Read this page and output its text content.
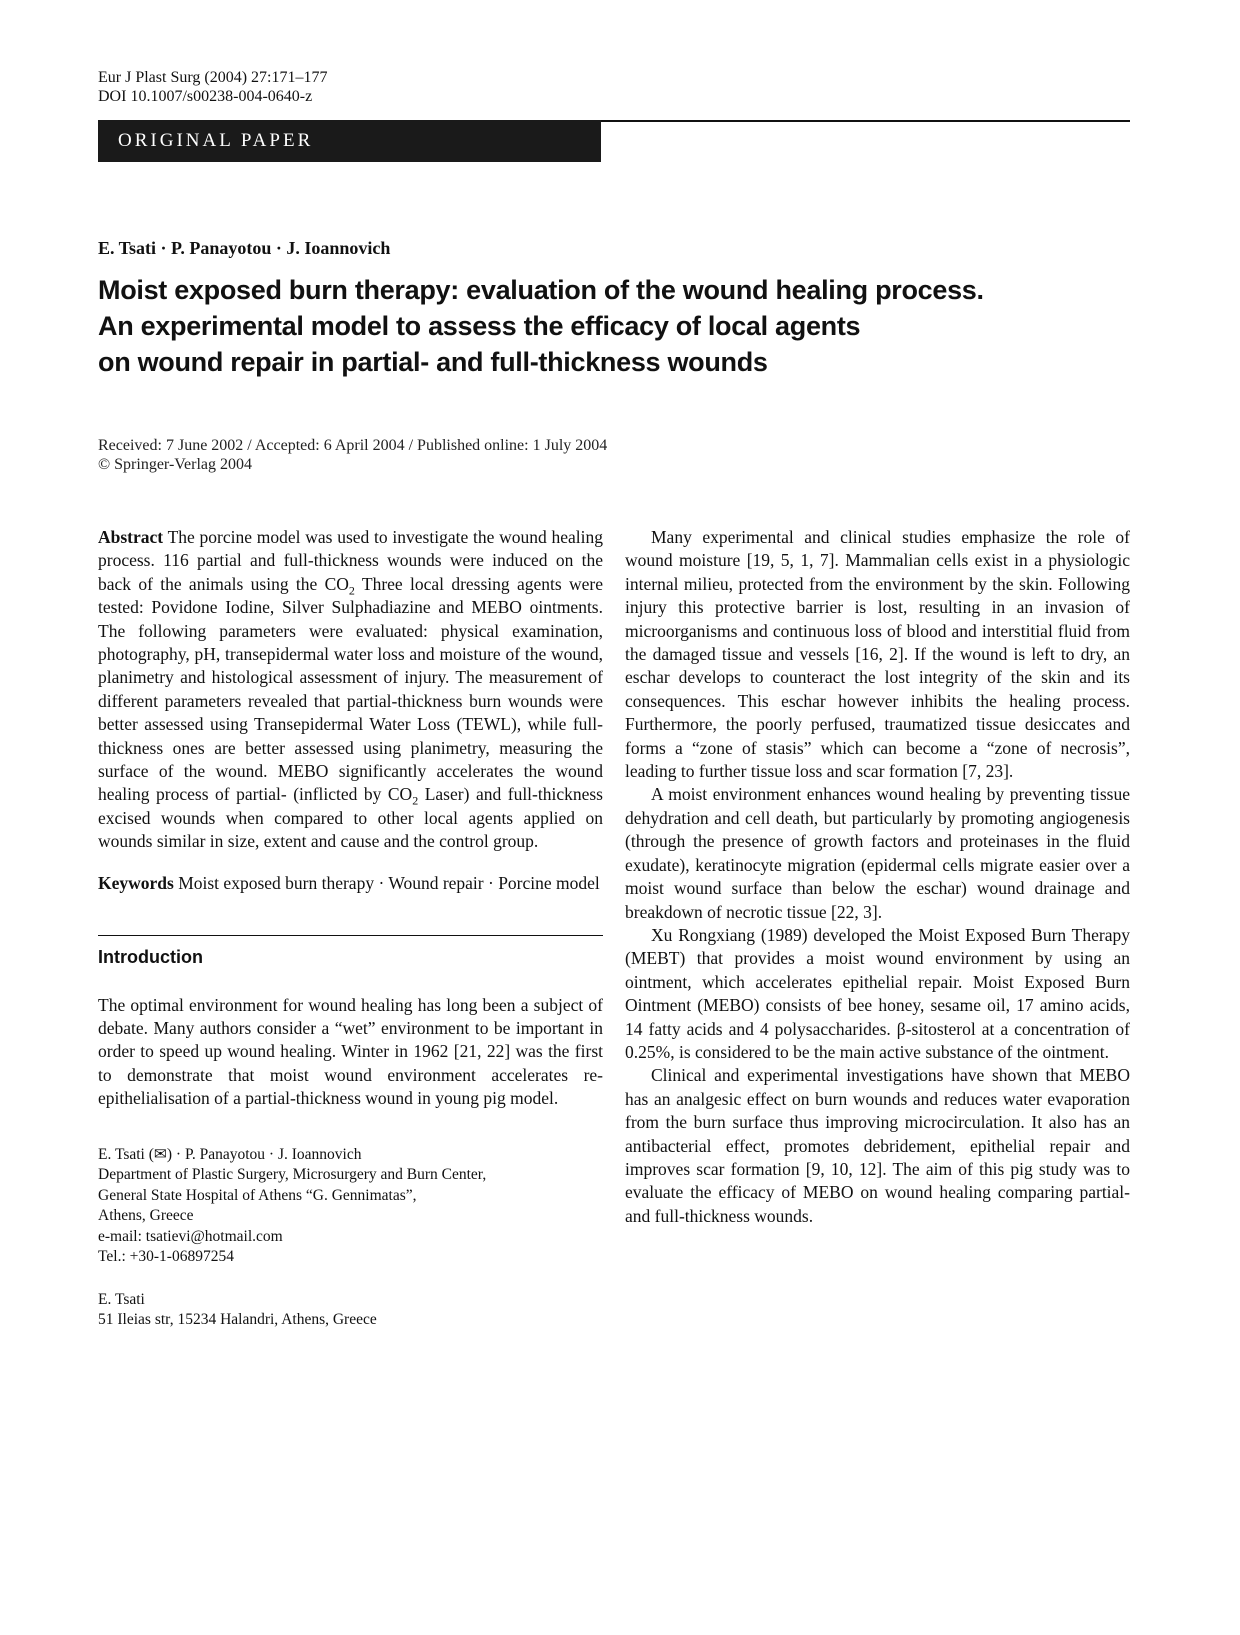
Eur J Plast Surg (2004) 27:171–177
DOI 10.1007/s00238-004-0640-z
ORIGINAL PAPER
E. Tsati · P. Panayotou · J. Ioannovich
Moist exposed burn therapy: evaluation of the wound healing process.
An experimental model to assess the efficacy of local agents
on wound repair in partial- and full-thickness wounds
Received: 7 June 2002 / Accepted: 6 April 2004 / Published online: 1 July 2004
© Springer-Verlag 2004

Abstract The porcine model was used to investigate the wound healing process. 116 partial and full-thickness wounds were induced on the back of the animals using the $CO_2$ Three local dressing agents were tested: Povidone Iodine, Silver Sulphadiazine and MEBO ointments. The following parameters were evaluated: physical examination, photography, pH, transepidermal water loss and moisture of the wound, planimetry and histological assessment of injury. The measurement of different parameters revealed that partial-thickness burn wounds were better assessed using Transepidermal Water Loss (TEWL), while full-thickness ones are better assessed using planimetry, measuring the surface of the wound. MEBO significantly accelerates the wound healing process of partial- (inflicted by $CO_2$ Laser) and full-thickness excised wounds when compared to other local agents applied on wounds similar in size, extent and cause and the control group.

Keywords Moist exposed burn therapy · Wound repair · Porcine model

Introduction

The optimal environment for wound healing has long been a subject of debate. Many authors consider a “wet” environment to be important in order to speed up wound healing. Winter in 1962 [21, 22] was the first to demonstrate that moist wound environment accelerates re-epithelialisation of a partial-thickness wound in young pig model.

E. Tsati (✉) · P. Panayotou · J. Ioannovich
Department of Plastic Surgery, Microsurgery and Burn Center,
General State Hospital of Athens “G. Gennimatas”,
Athens, Greece
e-mail: tsatievi@hotmail.com
Tel.: +30-1-06897254
E. Tsati
51 Ileias str, 15234 Halandri, Athens, Greece

Many experimental and clinical studies emphasize the role of wound moisture [19, 5, 1, 7]. Mammalian cells exist in a physiologic internal milieu, protected from the environment by the skin. Following injury this protective barrier is lost, resulting in an invasion of microorganisms and continuous loss of blood and interstitial fluid from the damaged tissue and vessels [16, 2]. If the wound is left to dry, an eschar develops to counteract the lost integrity of the skin and its consequences. This eschar however inhibits the healing process. Furthermore, the poorly perfused, traumatized tissue desiccates and forms a “zone of stasis” which can become a “zone of necrosis”, leading to further tissue loss and scar formation [7, 23].

A moist environment enhances wound healing by preventing tissue dehydration and cell death, but particularly by promoting angiogenesis (through the presence of growth factors and proteinases in the fluid exudate), keratinocyte migration (epidermal cells migrate easier over a moist wound surface than below the eschar) wound drainage and breakdown of necrotic tissue [22, 3].

Xu Rongxiang (1989) developed the Moist Exposed Burn Therapy (MEBT) that provides a moist wound environment by using an ointment, which accelerates epithelial repair. Moist Exposed Burn Ointment (MEBO) consists of bee honey, sesame oil, 17 amino acids, 14 fatty acids and 4 polysaccharides. β-sitosterol at a concentration of 0.25%, is considered to be the main active substance of the ointment.

Clinical and experimental investigations have shown that MEBO has an analgesic effect on burn wounds and reduces water evaporation from the burn surface thus improving microcirculation. It also has an antibacterial effect, promotes debridement, epithelial repair and improves scar formation [9, 10, 12]. The aim of this pig study was to evaluate the efficacy of MEBO on wound healing comparing partial- and full-thickness wounds.
